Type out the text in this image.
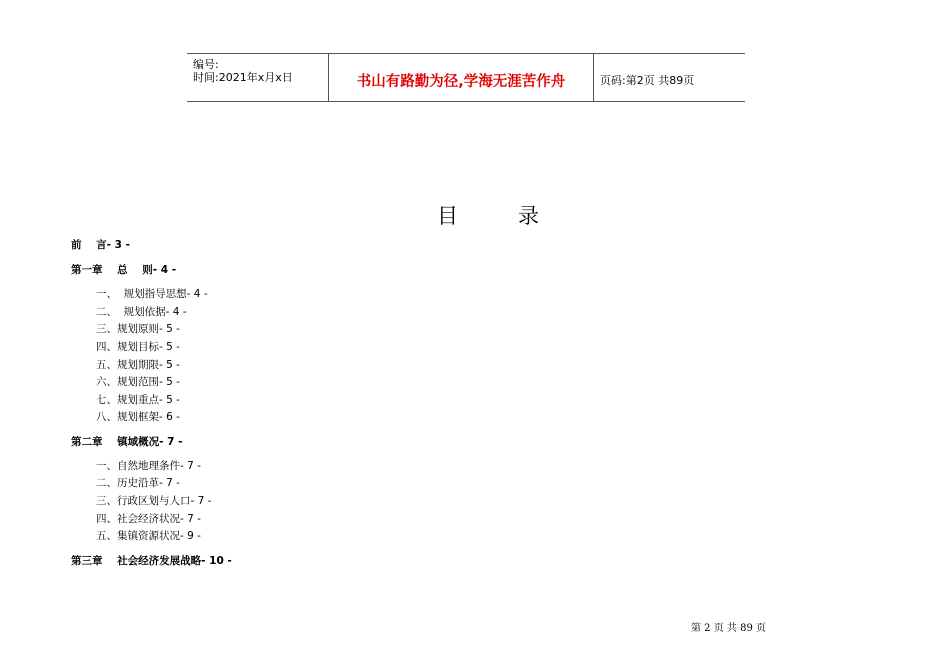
编号:
时间:2021年x月x日	书山有路勤为径,学海无涯苦作舟	页码:第2页 共89页
目	录
前    言- 3 -
第一章    总    则- 4 -
一、  规划指导思想- 4 -
二、  规划依据- 4 -
三、规划原则- 5 -
四、规划目标- 5 -
五、规划期限- 5 -
六、规划范围- 5 -
七、规划重点- 5 -
八、规划框架- 6 -
第二章    镇域概况- 7 -
一、自然地理条件- 7 -
二、历史沿革- 7 -
三、行政区划与人口- 7 -
四、社会经济状况- 7 -
五、集镇资源状况- 9 -
第三章    社会经济发展战略- 10 -
第 2 页 共 89 页
